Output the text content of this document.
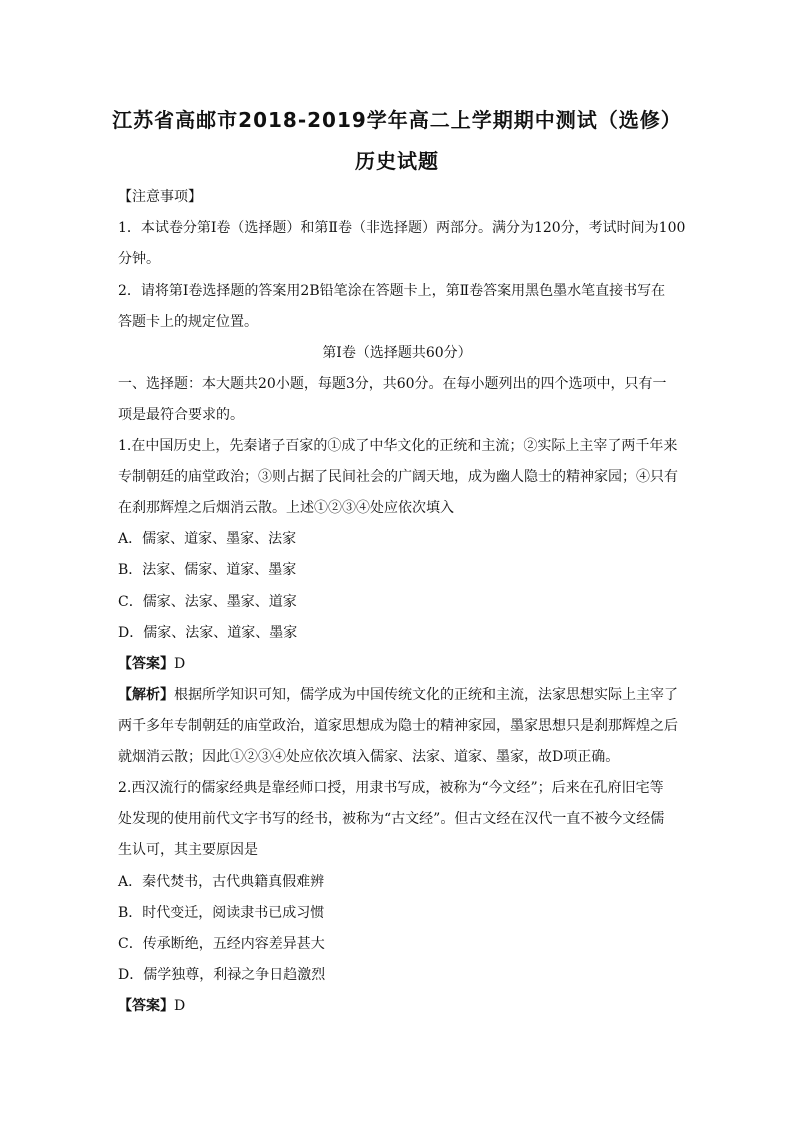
江苏省高邮市2018-2019学年高二上学期期中测试（选修）
历史试题
【注意事项】
1．本试卷分第Ⅰ卷（选择题）和第Ⅱ卷（非选择题）两部分。满分为120分，考试时间为100
分钟。
2．请将第Ⅰ卷选择题的答案用2B铅笔涂在答题卡上，第Ⅱ卷答案用黑色墨水笔直接书写在
答题卡上的规定位置。
第Ⅰ卷（选择题共60分）
一、选择题：本大题共20小题，每题3分，共60分。在每小题列出的四个选项中，只有一
项是最符合要求的。
1.在中国历史上，先秦诸子百家的①成了中华文化的正统和主流；②实际上主宰了两千年来
专制朝廷的庙堂政治；③则占据了民间社会的广阔天地，成为幽人隐士的精神家园；④只有
在刹那辉煌之后烟消云散。上述①②③④处应依次填入
A．儒家、道家、墨家、法家
B．法家、儒家、道家、墨家
C．儒家、法家、墨家、道家
D．儒家、法家、道家、墨家
【答案】D
【解析】根据所学知识可知，儒学成为中国传统文化的正统和主流，法家思想实际上主宰了
两千多年专制朝廷的庙堂政治，道家思想成为隐士的精神家园，墨家思想只是刹那辉煌之后
就烟消云散；因此①②③④处应依次填入儒家、法家、道家、墨家，故D项正确。
2.西汉流行的儒家经典是靠经师口授，用隶书写成，被称为“今文经”；后来在孔府旧宅等
处发现的使用前代文字书写的经书，被称为“古文经”。但古文经在汉代一直不被今文经儒
生认可，其主要原因是
A．秦代焚书，古代典籍真假难辨
B．时代变迁，阅读隶书已成习惯
C．传承断绝，五经内容差异甚大
D．儒学独尊，利禄之争日趋激烈
【答案】D
